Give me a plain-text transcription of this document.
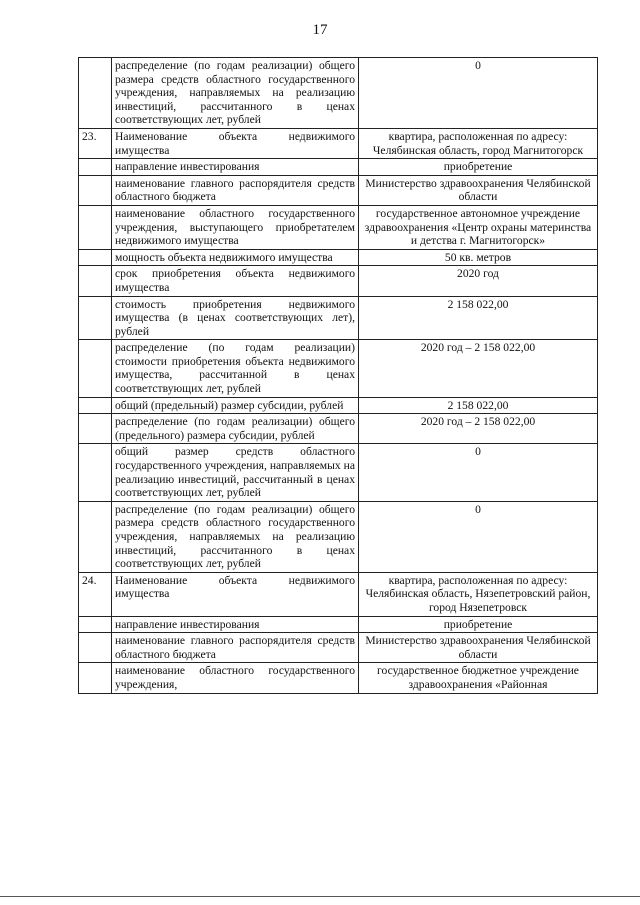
17
	распределение (по годам реализации) общего размера средств областного государственного учреждения, направляемых на реализацию инвестиций, рассчитанного в ценах соответствующих лет, рублей	0
23.	Наименование объекта недвижимого имущества	квартира, расположенная по адресу: Челябинская область, город Магнитогорск
	направление инвестирования	приобретение
	наименование главного распорядителя средств областного бюджета	Министерство здравоохранения Челябинской области
	наименование областного государственного учреждения, выступающего приобретателем недвижимого имущества	государственное автономное учреждение здравоохранения «Центр охраны материнства и детства г. Магнитогорск»
	мощность объекта недвижимого имущества	50 кв. метров
	срок приобретения объекта недвижимого имущества	2020 год
	стоимость приобретения недвижимого имущества (в ценах соответствующих лет), рублей	2 158 022,00
	распределение (по годам реализации) стоимости приобретения объекта недвижимого имущества, рассчитанной в ценах соответствующих лет, рублей	2020 год – 2 158 022,00
	общий (предельный) размер субсидии, рублей	2 158 022,00
	распределение (по годам реализации) общего (предельного) размера субсидии, рублей	2020 год – 2 158 022,00
	общий размер средств областного государственного учреждения, направляемых на реализацию инвестиций, рассчитанный в ценах соответствующих лет, рублей	0
	распределение (по годам реализации) общего размера средств областного государственного учреждения, направляемых на реализацию инвестиций, рассчитанного в ценах соответствующих лет, рублей	0
24.	Наименование объекта недвижимого имущества	квартира, расположенная по адресу: Челябинская область, Нязепетровский район, город Нязепетровск
	направление инвестирования	приобретение
	наименование главного распорядителя средств областного бюджета	Министерство здравоохранения Челябинской области
	наименование областного государственного учреждения,	государственное бюджетное учреждение здравоохранения «Районная
